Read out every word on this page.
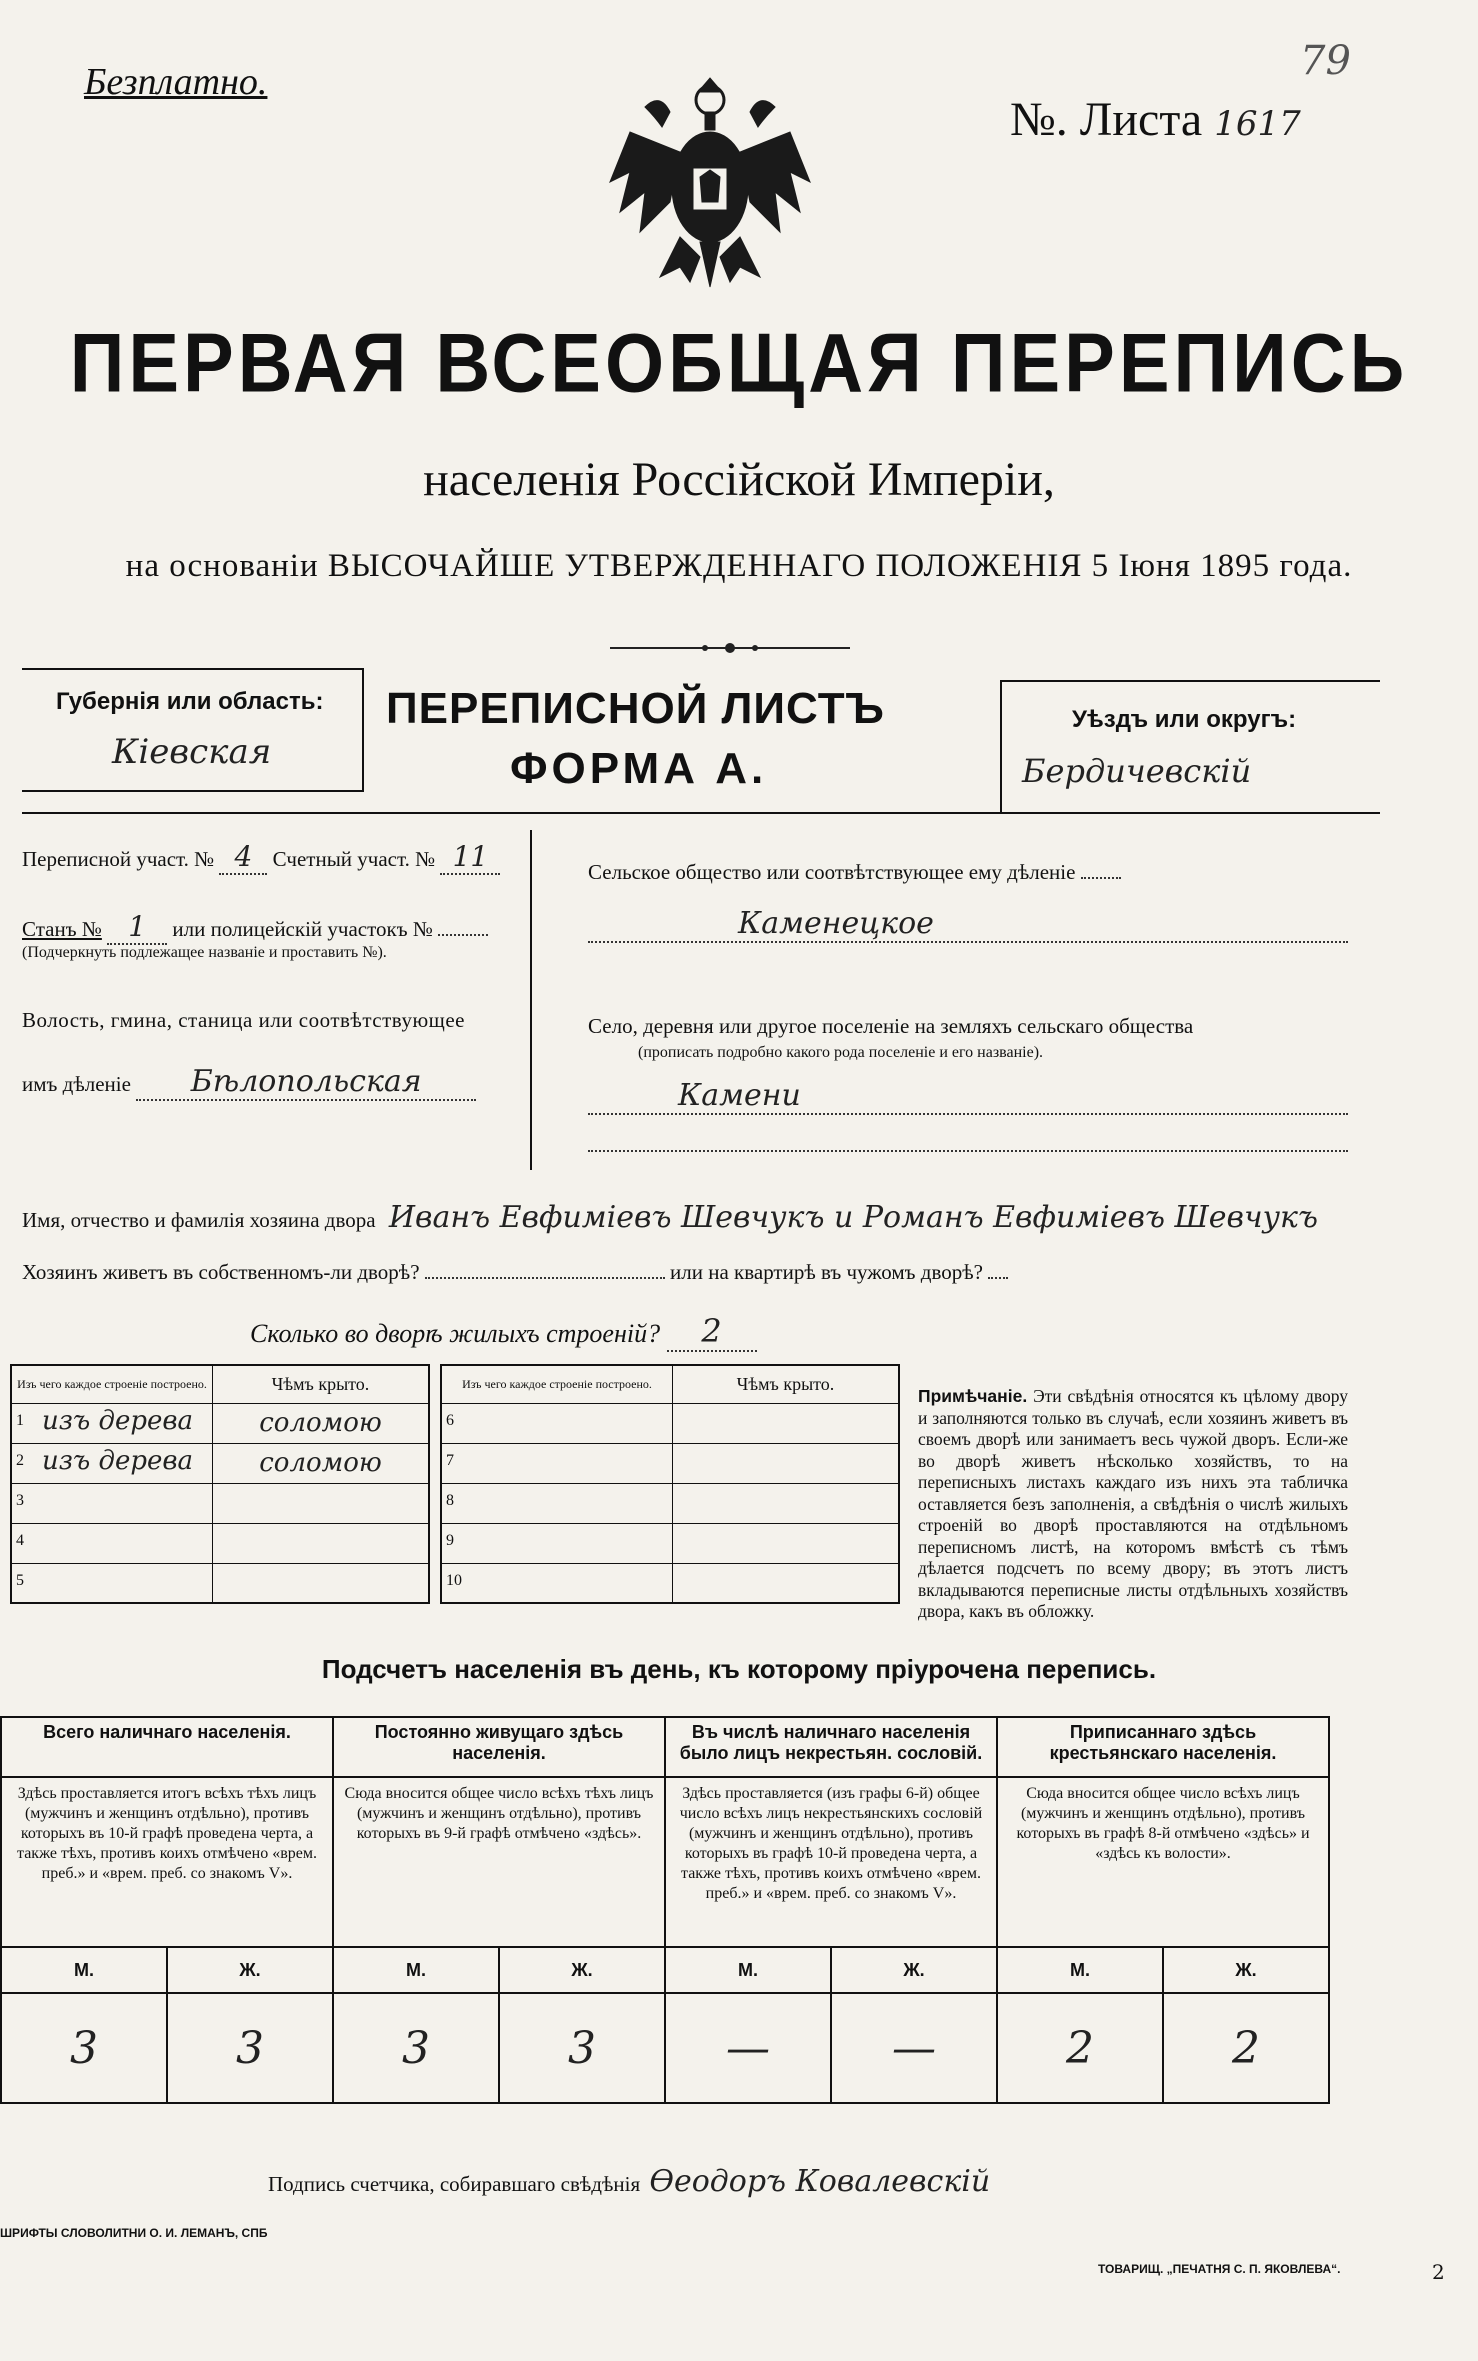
Безплатно.	79
№. Листа 1617
ПЕРВАЯ ВСЕОБЩАЯ ПЕРЕПИСЬ
населенія Россійской Имперіи,
на основаніи ВЫСОЧАЙШЕ УТВЕРЖДЕННАГО ПОЛОЖЕНІЯ 5 Іюня 1895 года.
Губернія или область:
Кіевская
ПЕРЕПИСНОЙ ЛИСТЪ
ФОРМА А.
Уѣздъ или округъ:
Бердичевскій
Переписной участ. № 4 Счетный участ. № 11
Станъ № 1 или полицейскій участокъ №
(Подчеркнуть подлежащее названіе и проставить №).
Волость, гмина, станица или соотвѣтствующее
имъ дѣленіе Бѣлопольская
Сельское общество или соотвѣтствующее ему дѣленіе
Каменецкое
Село, деревня или другое поселеніе на земляхъ сельскаго общества
(прописать подробно какого рода поселеніе и его названіе).
Камени
Имя, отчество и фамилія хозяина двора Иванъ Евфиміевъ Шевчукъ и Романъ Евфиміевъ Шевчукъ
Хозяинъ живетъ въ собственномъ-ли дворѣ?	или на квартирѣ въ чужомъ дворѣ?
Сколько во дворѣ жилыхъ строеній? 2
Изъ чего каждое строеніе построено.	Чѣмъ крыто.

1 изъ дерева	соломою

2 изъ дерева	соломою

3	

4	

5	

Изъ чего каждое строеніе построено.	Чѣмъ крыто.

6	

7	

8	

9	

10	

Примѣчаніе. Эти свѣдѣнія относятся къ цѣлому двору и заполняются только въ случаѣ, если хозяинъ живетъ въ своемъ дворѣ или занимаетъ весь чужой дворъ. Если-же во дворѣ живетъ нѣсколько хозяйствъ, то на переписныхъ листахъ каждаго изъ нихъ эта табличка оставляется безъ заполненія, а свѣдѣнія о числѣ жилыхъ строеній во дворѣ проставляются на отдѣльномъ переписномъ листѣ, на которомъ вмѣстѣ съ тѣмъ дѣлается подсчетъ по всему двору; въ этотъ листъ вкладываются переписные листы отдѣльныхъ хозяйствъ двора, какъ въ обложку.
Подсчетъ населенія въ день, къ которому пріурочена перепись.
Всего наличнаго населенія.		Постоянно живущаго здѣсь населенія.		Въ числѣ наличнаго населенія было лицъ некрестьян. сословій.		Приписаннаго здѣсь крестьянскаго населенія.	
Здѣсь проставляется итогъ всѣхъ тѣхъ лицъ (мужчинъ и женщинъ отдѣльно), противъ которыхъ въ 10-й графѣ проведена черта, а также тѣхъ, противъ коихъ отмѣчено «врем. преб.» и «врем. преб. со знакомъ V».		Сюда вносится общее число всѣхъ тѣхъ лицъ (мужчинъ и женщинъ отдѣльно), противъ которыхъ въ 9-й графѣ отмѣчено «здѣсь».		Здѣсь проставляется (изъ графы 6-й) общее число всѣхъ лицъ некрестьянскихъ сословій (мужчинъ и женщинъ отдѣльно), противъ которыхъ въ графѣ 10-й проведена черта, а также тѣхъ, противъ коихъ отмѣчено «врем. преб.» и «врем. преб. со знакомъ V».		Сюда вносится общее число всѣхъ лицъ (мужчинъ и женщинъ отдѣльно), противъ которыхъ въ графѣ 8-й отмѣчено «здѣсь» и «здѣсь къ волости».	
М.	Ж.	М.	Ж.	М.	Ж.	М.	Ж.
3	3	3	3	—	—	2	2
Подпись счетчика, собиравшаго свѣдѣнія Ѳеодоръ Ковалевскій
ШРИФТЫ СЛОВОЛИТНИ О. И. ЛЕМАНЪ, СПБ
ТОВАРИЩ. „ПЕЧАТНЯ С. П. ЯКОВЛЕВА“.	2
